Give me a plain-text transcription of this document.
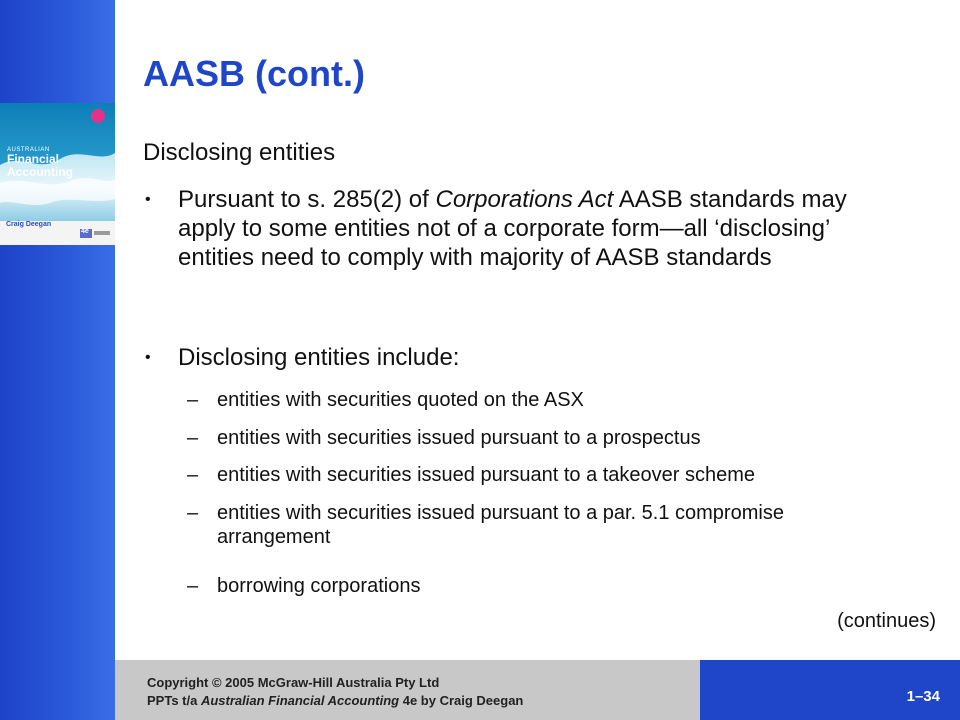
AUSTRALIAN
Financial
Accounting
Craig Deegan
4e
AASB (cont.)
Disclosing entities
• Pursuant to s. 285(2) of Corporations Act AASB standards may apply to some entities not of a corporate form—all ‘disclosing’ entities need to comply with majority of AASB standards
• Disclosing entities include:
– entities with securities quoted on the ASX
– entities with securities issued pursuant to a prospectus
– entities with securities issued pursuant to a takeover scheme
– entities with securities issued pursuant to a par. 5.1 compromise arrangement
– borrowing corporations
(continues)
Copyright © 2005 McGraw-Hill Australia Pty Ltd
PPTs t/a Australian Financial Accounting 4e by Craig Deegan	1–34
